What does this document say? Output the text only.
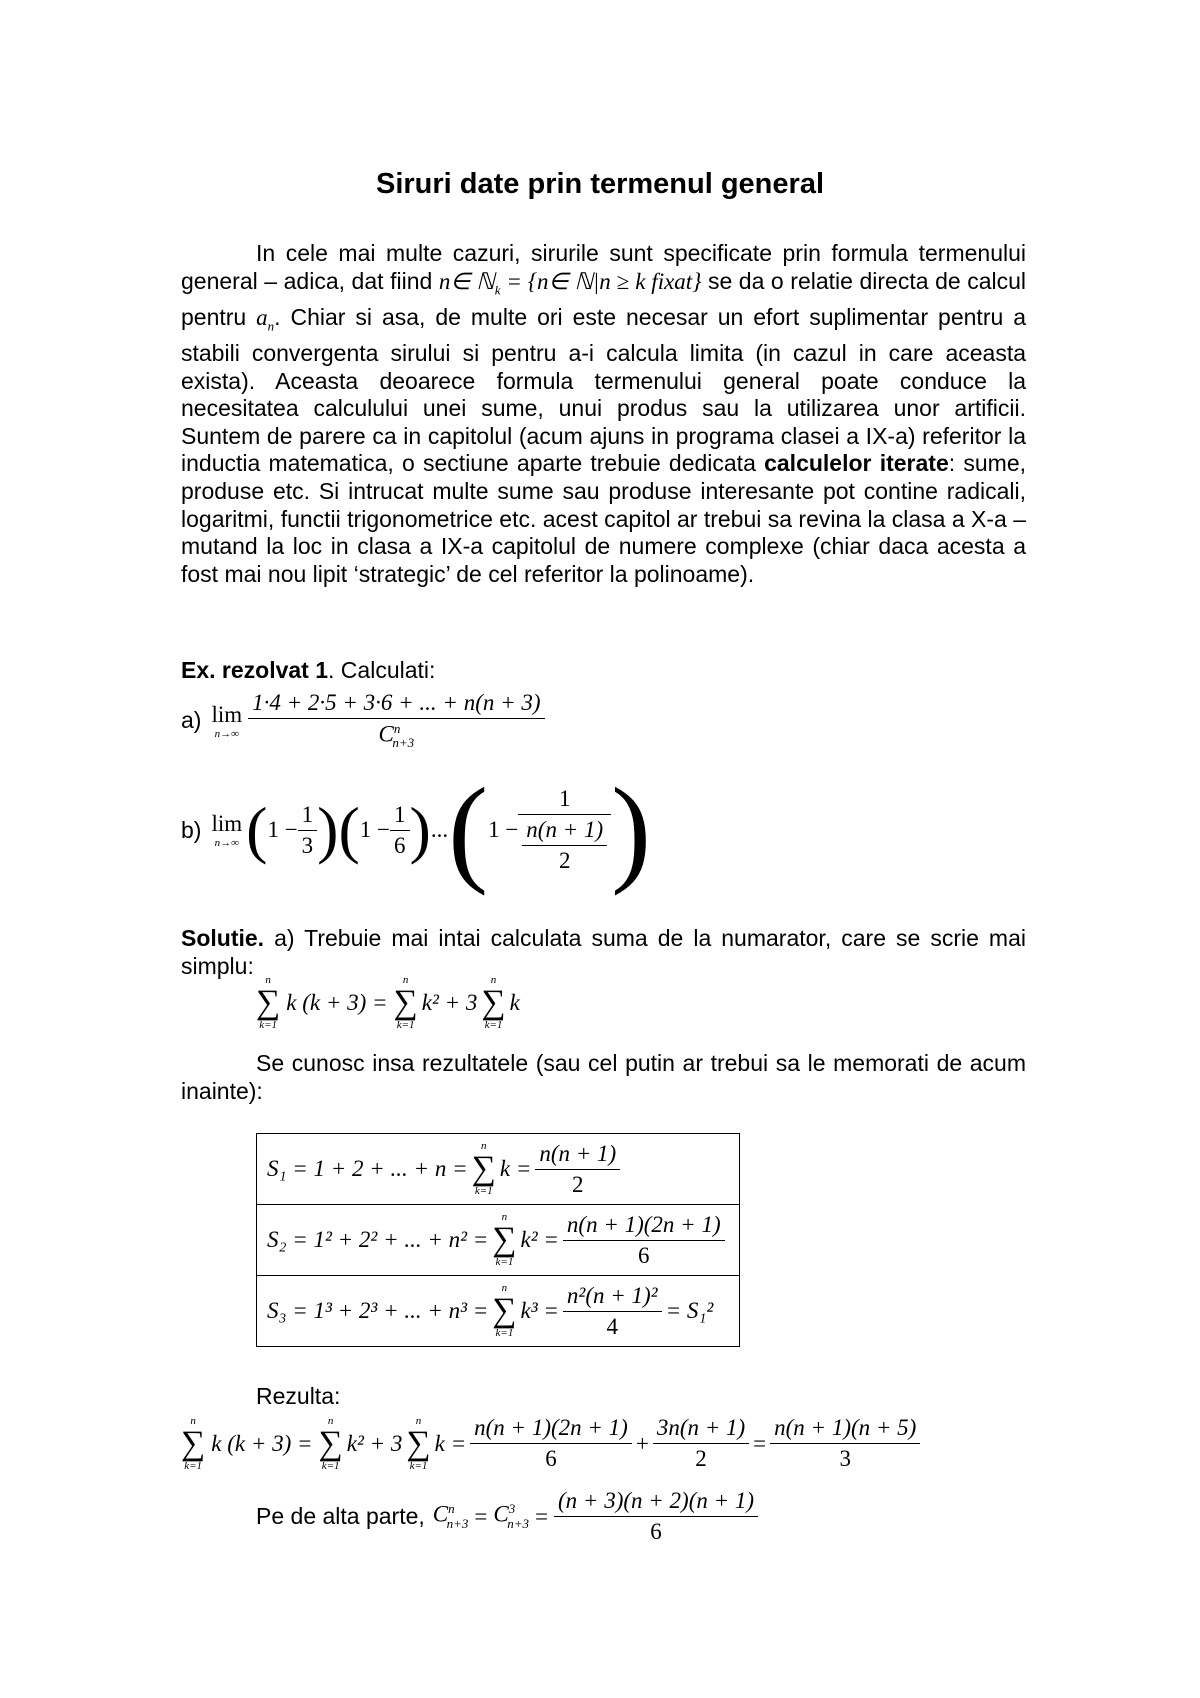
Siruri date prin termenul general
In cele mai multe cazuri, sirurile sunt specificate prin formula termenului general – adica, dat fiind n∈ ℕ$_k$ = {n∈ ℕ|n ≥ k fixat} se da o relatie directa de calcul pentru $a_n$. Chiar si asa, de multe ori este necesar un efort suplimentar pentru a stabili convergenta sirului si pentru a-i calcula limita (in cazul in care aceasta exista). Aceasta deoarece formula termenului general poate conduce la necesitatea calculului unei sume, unui produs sau la utilizarea unor artificii. Suntem de parere ca in capitolul (acum ajuns in programa clasei a IX-a) referitor la inductia matematica, o sectiune aparte trebuie dedicata calculelor iterate: sume, produse etc. Si intrucat multe sume sau produse interesante pot contine radicali, logaritmi, functii trigonometrice etc. acest capitol ar trebui sa revina la clasa a X-a – mutand la loc in clasa a IX-a capitolul de numere complexe (chiar daca acesta a fost mai nou lipit ‘strategic’ de cel referitor la polinoame).
Ex. rezolvat 1. Calculati:
a) lim
$n\to\infty \frac{1\cdot 4 + 2\cdot 5 + 3\cdot 6 + ... + n(n + 3)}{C^n_{n+3}}$
b) lim
n→∞ ( $1 - \frac{1}{3}$ )( $1 - \frac{1}{6}$ ) ... ( $1 - \frac{1}{\frac{n(n + 1)}{2}}$ )
Solutie. a) Trebuie mai intai calculata suma de la numarator, care se scrie mai simplu:
n
∑
k=1
k (k + 3) =
n
∑
k=1
k² + 3
n
∑
k=1
k
Se cunosc insa rezultatele (sau cel putin ar trebui sa le memorati de acum inainte):
S₁ = 1 + 2 + ... + n =
n
∑
k=1
$k = \frac{n(n + 1)}{2}$

S₂ = 1² + 2² + ... + n² =
n
∑
k=1
$k^2 = \frac{n(n + 1)(2n + 1)}{6}$

S₃ = 1³ + 2³ + ... + n³ =
n
∑
k=1
$k^3 = \frac{\text{n²(n + 1)²}}{4} = S_1^2$
Rezulta:
n
∑
k=1
k (k + 3) =
n
∑
k=1
k² + 3
n
∑
k=1
$k = \frac{n(n + 1)(2n + 1)}{6} + \frac{3n(n + 1)}{2} = \frac{n(n + 1)(n + 5)}{3}$
Pe de alta parte, $C^n_{n+3} = C^3_{n+3} = \frac{(n + 3)(n + 2)(n + 1)}{6}$
